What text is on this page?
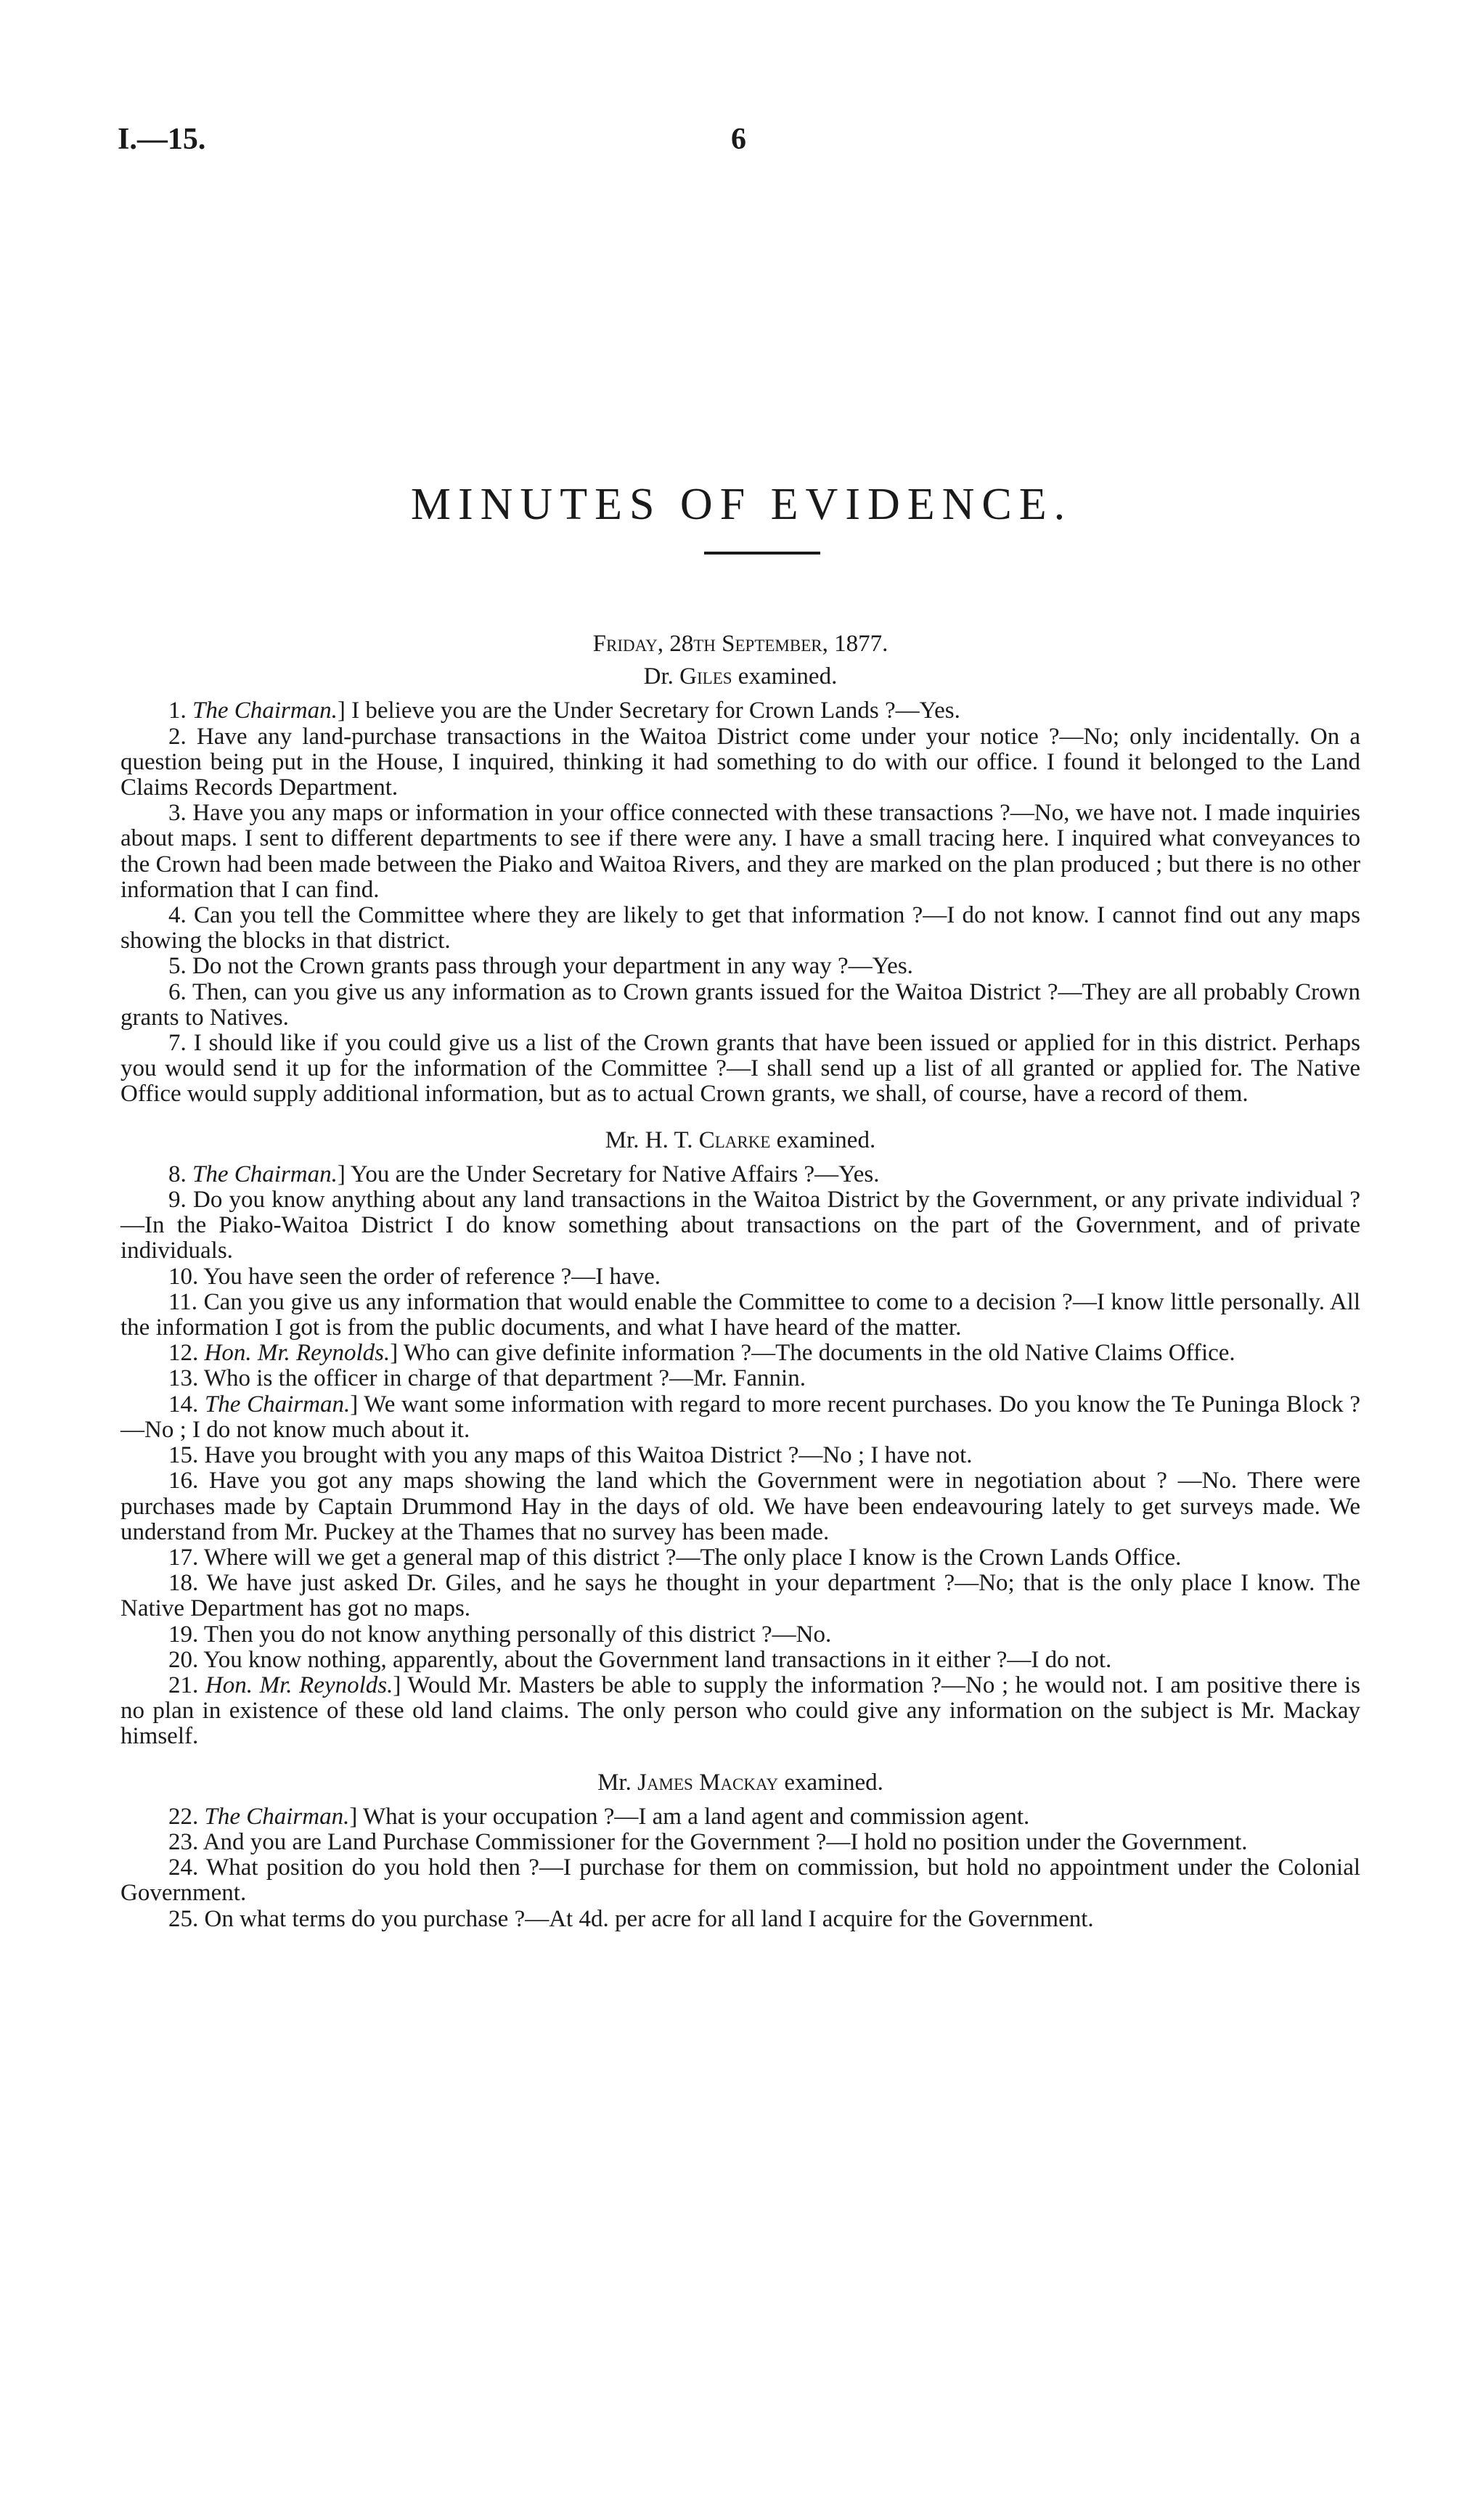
I.—15.	6
MINUTES OF EVIDENCE.

Friday, 28th September, 1877.

Dr. Giles examined.

1. The Chairman.] I believe you are the Under Secretary for Crown Lands ?—Yes.

2. Have any land-purchase transactions in the Waitoa District come under your notice ?—No; only incidentally. On a question being put in the House, I inquired, thinking it had something to do with our office. I found it belonged to the Land Claims Records Department.

3. Have you any maps or information in your office connected with these transactions ?—No, we have not. I made inquiries about maps. I sent to different departments to see if there were any. I have a small tracing here. I inquired what conveyances to the Crown had been made between the Piako and Waitoa Rivers, and they are marked on the plan produced ; but there is no other information that I can find.

4. Can you tell the Committee where they are likely to get that information ?—I do not know. I cannot find out any maps showing the blocks in that district.

5. Do not the Crown grants pass through your department in any way ?—Yes.

6. Then, can you give us any information as to Crown grants issued for the Waitoa District ?—They are all probably Crown grants to Natives.

7. I should like if you could give us a list of the Crown grants that have been issued or applied for in this district. Perhaps you would send it up for the information of the Committee ?—I shall send up a list of all granted or applied for. The Native Office would supply additional information, but as to actual Crown grants, we shall, of course, have a record of them.

Mr. H. T. Clarke examined.

8. The Chairman.] You are the Under Secretary for Native Affairs ?—Yes.

9. Do you know anything about any land transactions in the Waitoa District by the Government, or any private individual ?—In the Piako-Waitoa District I do know something about transactions on the part of the Government, and of private individuals.

10. You have seen the order of reference ?—I have.

11. Can you give us any information that would enable the Committee to come to a decision ?—I know little personally. All the information I got is from the public documents, and what I have heard of the matter.

12. Hon. Mr. Reynolds.] Who can give definite information ?—The documents in the old Native Claims Office.

13. Who is the officer in charge of that department ?—Mr. Fannin.

14. The Chairman.] We want some information with regard to more recent purchases. Do you know the Te Puninga Block ?—No ; I do not know much about it.

15. Have you brought with you any maps of this Waitoa District ?—No ; I have not.

16. Have you got any maps showing the land which the Government were in negotiation about ? —No. There were purchases made by Captain Drummond Hay in the days of old. We have been endeavouring lately to get surveys made. We understand from Mr. Puckey at the Thames that no survey has been made.

17. Where will we get a general map of this district ?—The only place I know is the Crown Lands Office.

18. We have just asked Dr. Giles, and he says he thought in your department ?—No; that is the only place I know. The Native Department has got no maps.

19. Then you do not know anything personally of this district ?—No.

20. You know nothing, apparently, about the Government land transactions in it either ?—I do not.

21. Hon. Mr. Reynolds.] Would Mr. Masters be able to supply the information ?—No ; he would not. I am positive there is no plan in existence of these old land claims. The only person who could give any information on the subject is Mr. Mackay himself.

Mr. James Mackay examined.

22. The Chairman.] What is your occupation ?—I am a land agent and commission agent.

23. And you are Land Purchase Commissioner for the Government ?—I hold no position under the Government.

24. What position do you hold then ?—I purchase for them on commission, but hold no appointment under the Colonial Government.

25. On what terms do you purchase ?—At 4d. per acre for all land I acquire for the Government.
